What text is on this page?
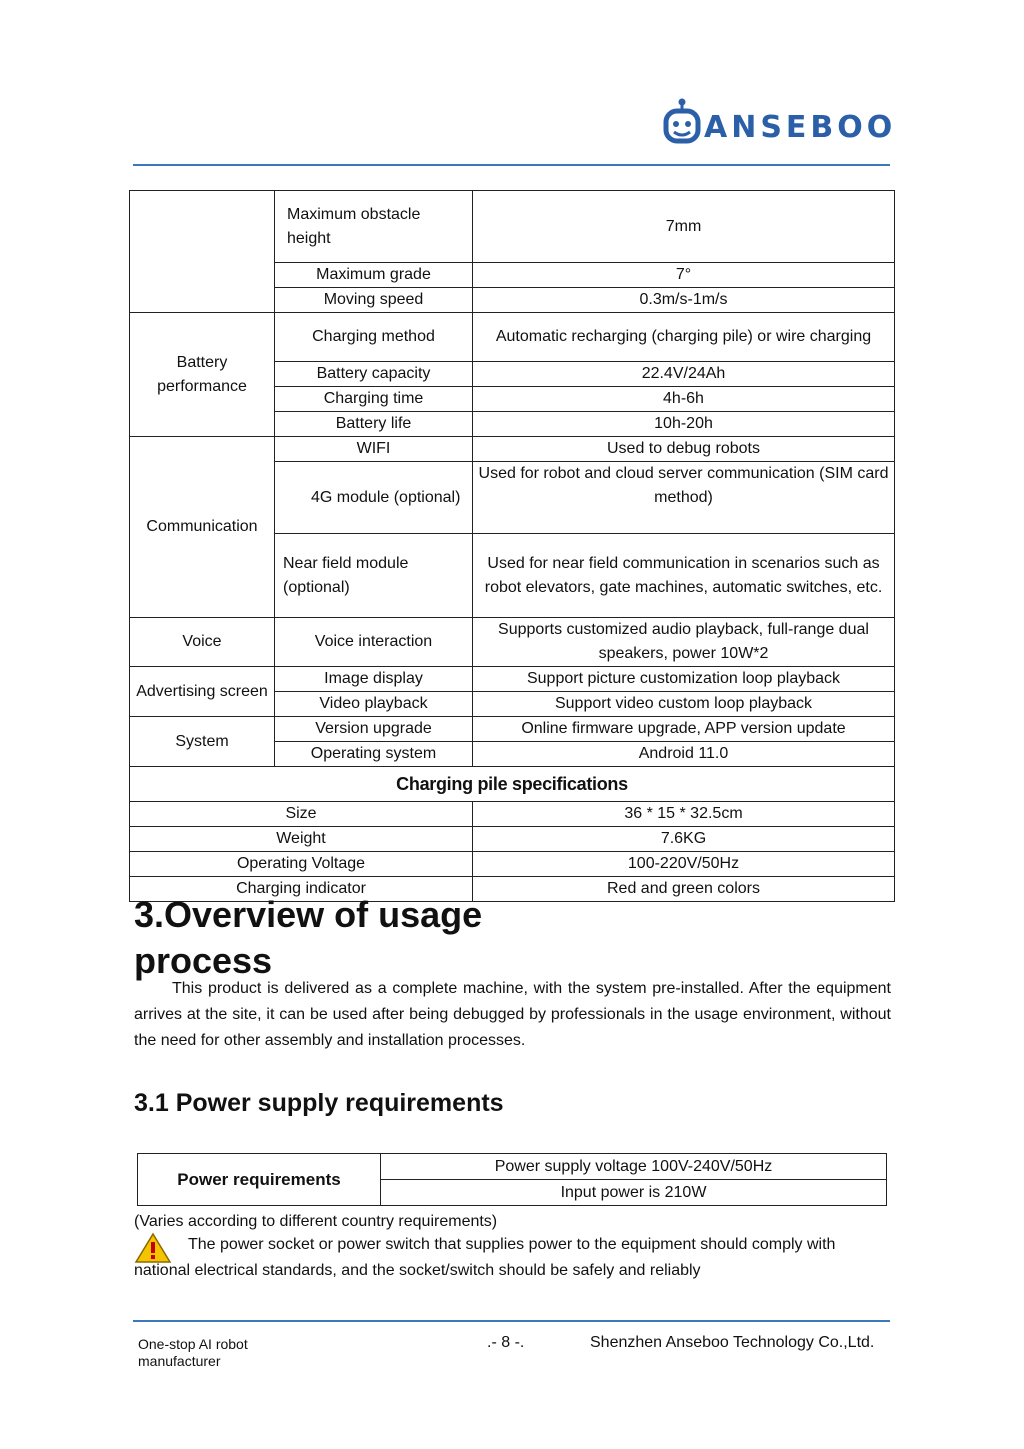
ANSEBOO
	Maximum obstacle height	7mm
	Maximum grade	7°
	Moving speed	0.3m/s-1m/s
Battery performance	Charging method	Automatic recharging (charging pile) or wire charging
	Battery capacity	22.4V/24Ah
	Charging time	4h-6h
	Battery life	10h-20h
Communication	WIFI	Used to debug robots
	4G module (optional)	Used for robot and cloud server communication (SIM card method)
	Near field module (optional)	Used for near field communication in scenarios such as robot elevators, gate machines, automatic switches, etc.
Voice	Voice interaction	Supports customized audio playback, full-range dual speakers, power 10W*2
Advertising screen	Image display	Support picture customization loop playback
	Video playback	Support video custom loop playback
System	Version upgrade	Online firmware upgrade, APP version update
	Operating system	Android 11.0
Charging pile specifications		
Size		36 * 15 * 32.5cm
Weight		7.6KG
Operating Voltage		100-220V/50Hz
Charging indicator		Red and green colors
3.Overview of usage process

This product is delivered as a complete machine, with the system pre-installed. After the equipment arrives at the site, it can be used after being debugged by professionals in the usage environment, without the need for other assembly and installation processes.

3.1 Power supply requirements
Power requirements	Power supply voltage 100V-240V/50Hz
Input power is 210W

(Varies according to different country requirements)

The power socket or power switch that supplies power to the equipment should comply with national electrical standards, and the socket/switch should be safely and reliably

One-stop AI robot manufacturer
.- 8 -.	Shenzhen Anseboo Technology Co.,Ltd.
